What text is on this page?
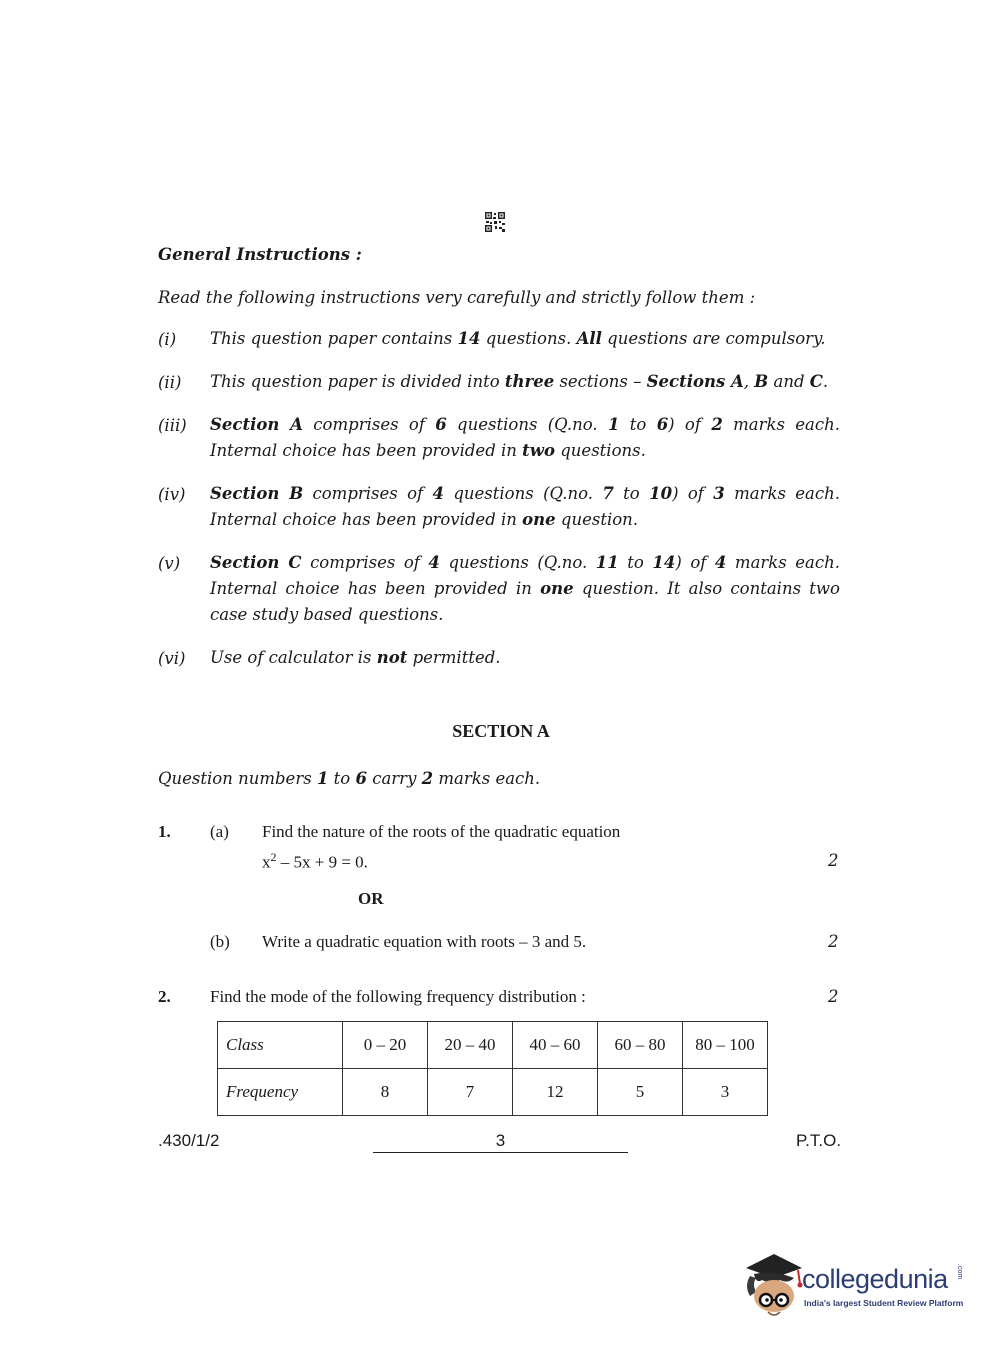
General Instructions :
Read the following instructions very carefully and strictly follow them :
(i) This question paper contains 14 questions. All questions are compulsory.
(ii) This question paper is divided into three sections – Sections A, B and C.
(iii) Section A comprises of 6 questions (Q.no. 1 to 6) of 2 marks each. Internal choice has been provided in two questions.
(iv) Section B comprises of 4 questions (Q.no. 7 to 10) of 3 marks each. Internal choice has been provided in one question.
(v) Section C comprises of 4 questions (Q.no. 11 to 14) of 4 marks each. Internal choice has been provided in one question. It also contains two case study based questions.
(vi) Use of calculator is not permitted.
SECTION A
Question numbers 1 to 6 carry 2 marks each.
1. (a) Find the nature of the roots of the quadratic equation
$x^2 - 5x + 9 = 0$.	2
OR
(b) Write a quadratic equation with roots – 3 and 5.	2
2. Find the mode of the following frequency distribution :	2
Class	0 – 20	20 – 40	40 – 60	60 – 80	80 – 100
Frequency	8	7	12	5	3
.430/1/2	3	P.T.O.
collegedunia .com
India's largest Student Review Platform
